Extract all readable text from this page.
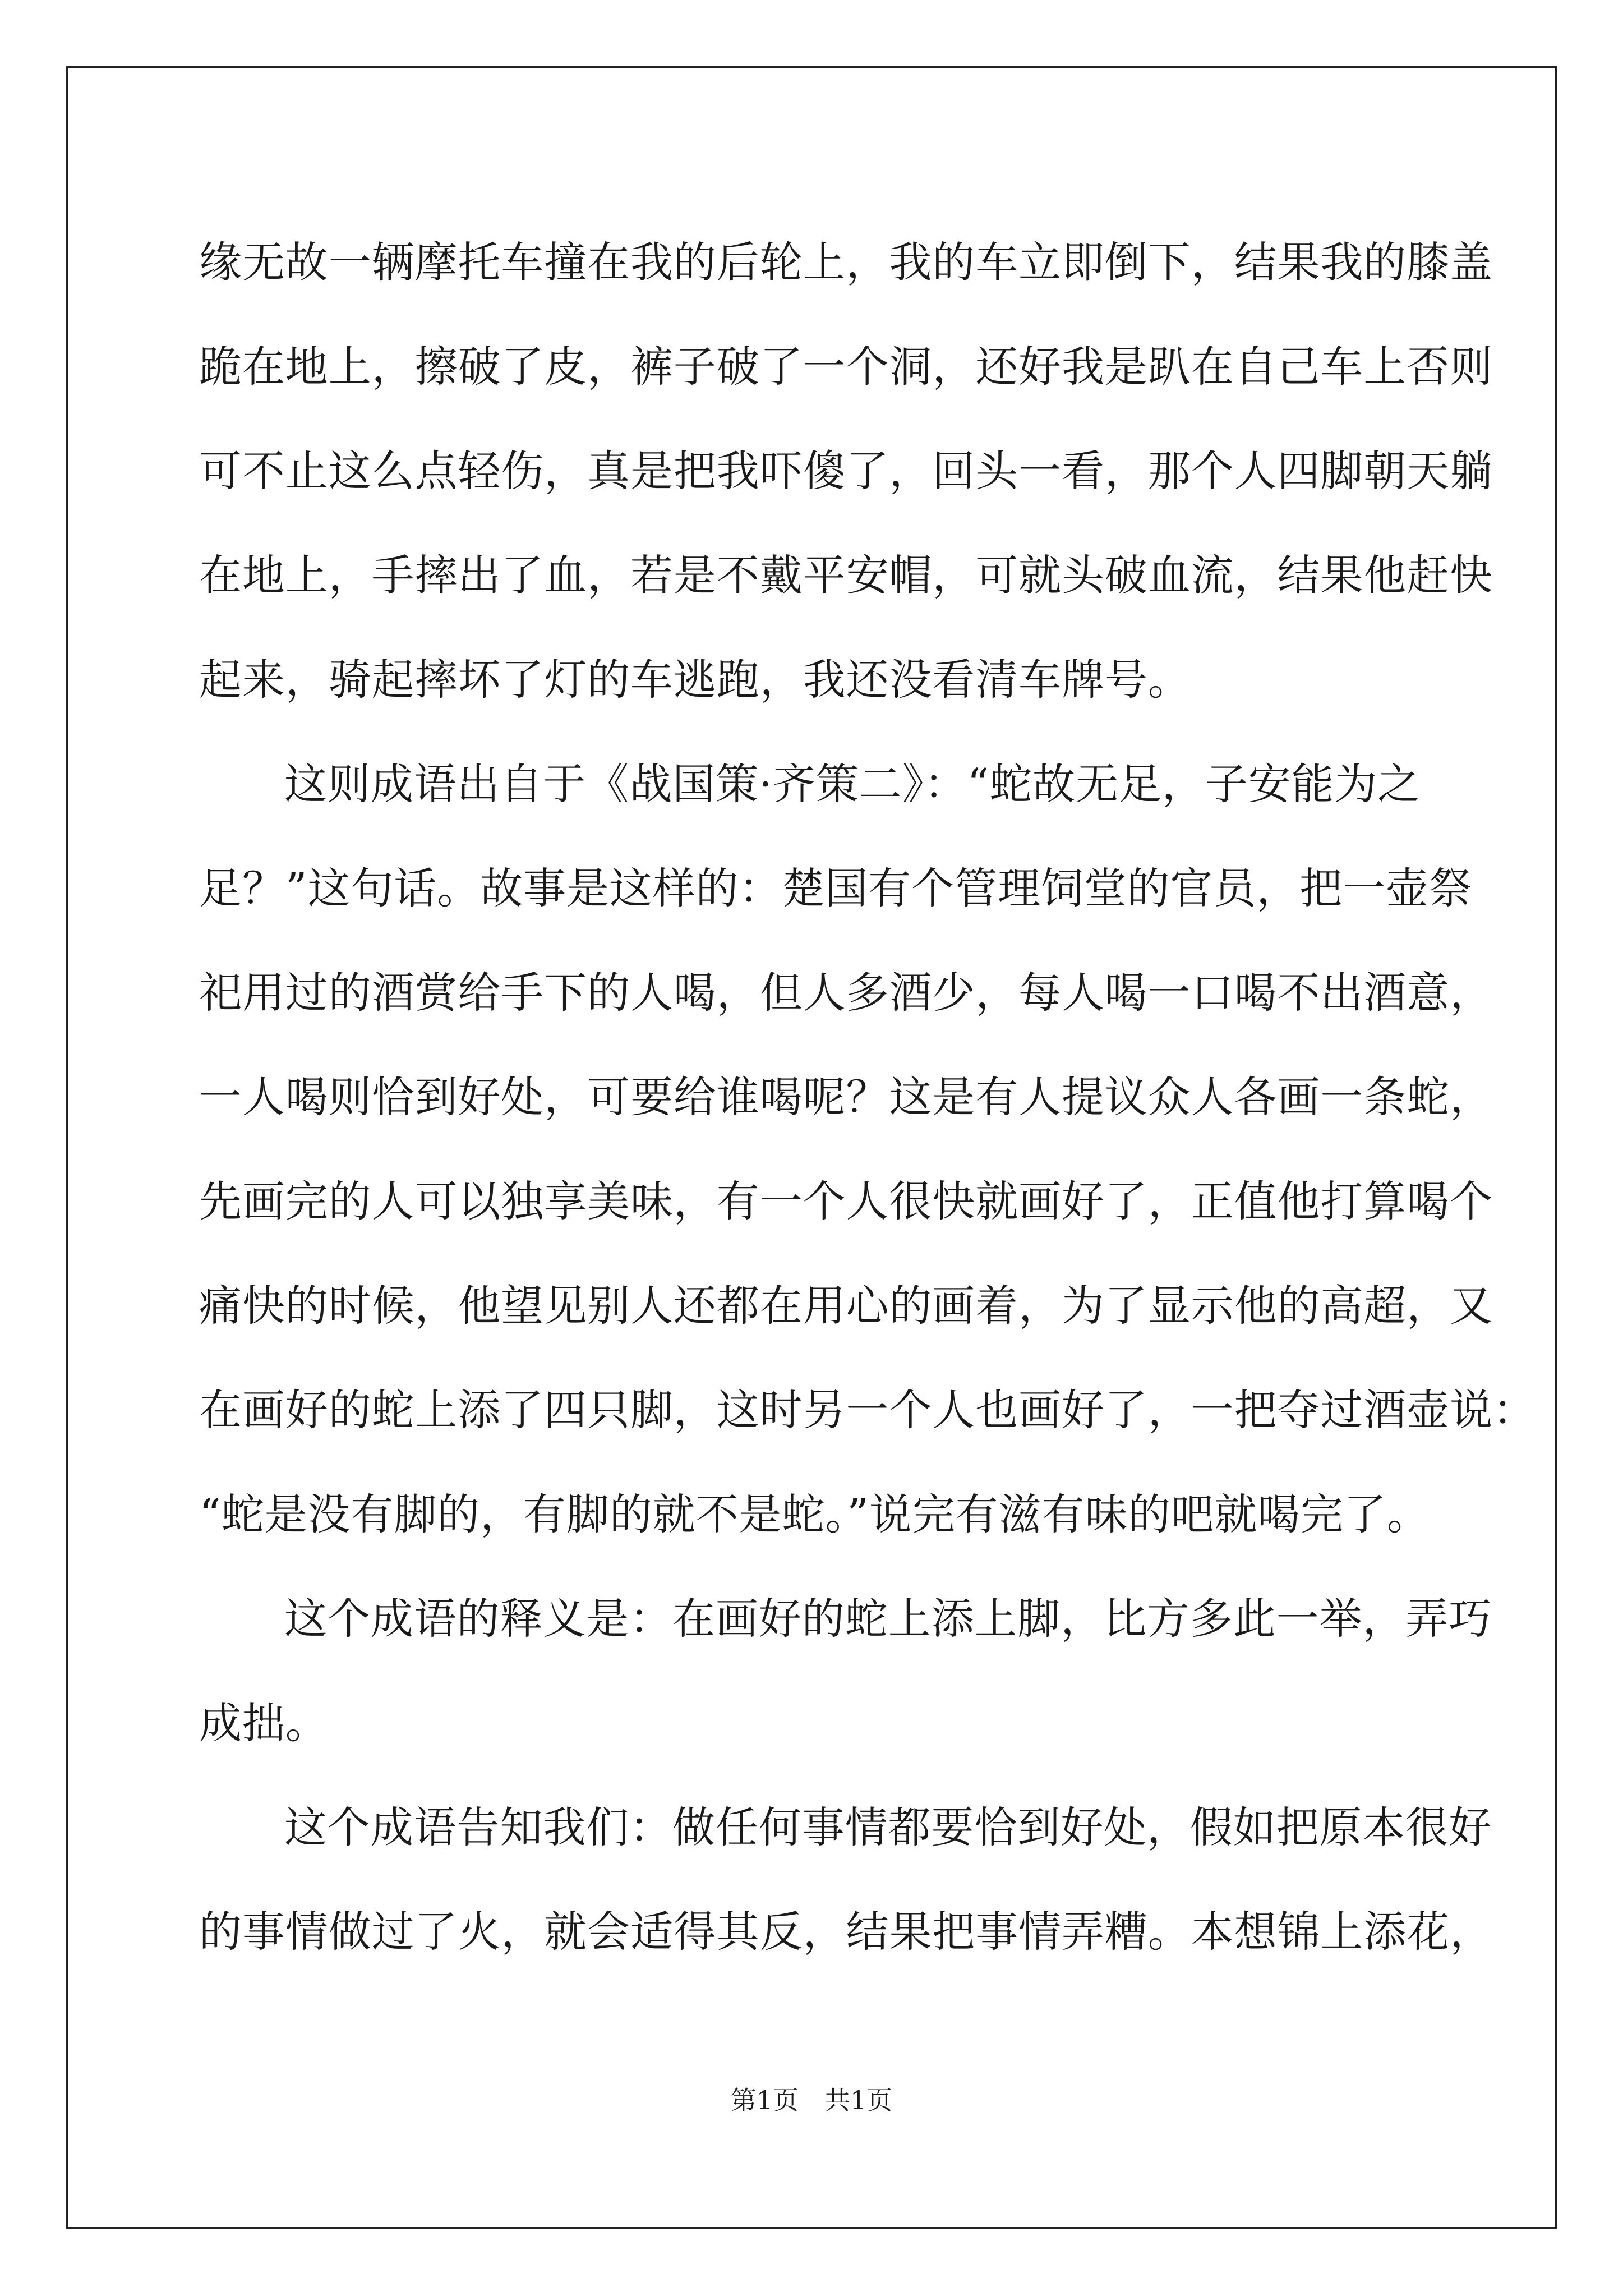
缘无故一辆摩托车撞在我的后轮上，我的车立即倒下，结果我的膝盖
跪在地上，擦破了皮，裤子破了一个洞，还好我是趴在自己车上否则
可不止这么点轻伤，真是把我吓傻了，回头一看，那个人四脚朝天躺
在地上，手摔出了血，若是不戴平安帽，可就头破血流，结果他赶快
起来，骑起摔坏了灯的车逃跑，我还没看清车牌号。
这则成语出自于《战国策·齐策二》：“蛇故无足，子安能为之
足？”这句话。故事是这样的：楚国有个管理饲堂的官员，把一壶祭
祀用过的酒赏给手下的人喝，但人多酒少，每人喝一口喝不出酒意，
一人喝则恰到好处，可要给谁喝呢？这是有人提议众人各画一条蛇，
先画完的人可以独享美味，有一个人很快就画好了，正值他打算喝个
痛快的时候，他望见别人还都在用心的画着，为了显示他的高超，又
在画好的蛇上添了四只脚，这时另一个人也画好了，一把夺过酒壶说：
“蛇是没有脚的，有脚的就不是蛇。”说完有滋有味的吧就喝完了。
这个成语的释义是：在画好的蛇上添上脚，比方多此一举，弄巧
成拙。
这个成语告知我们：做任何事情都要恰到好处，假如把原本很好
的事情做过了火，就会适得其反，结果把事情弄糟。本想锦上添花，
第1页　共1页
